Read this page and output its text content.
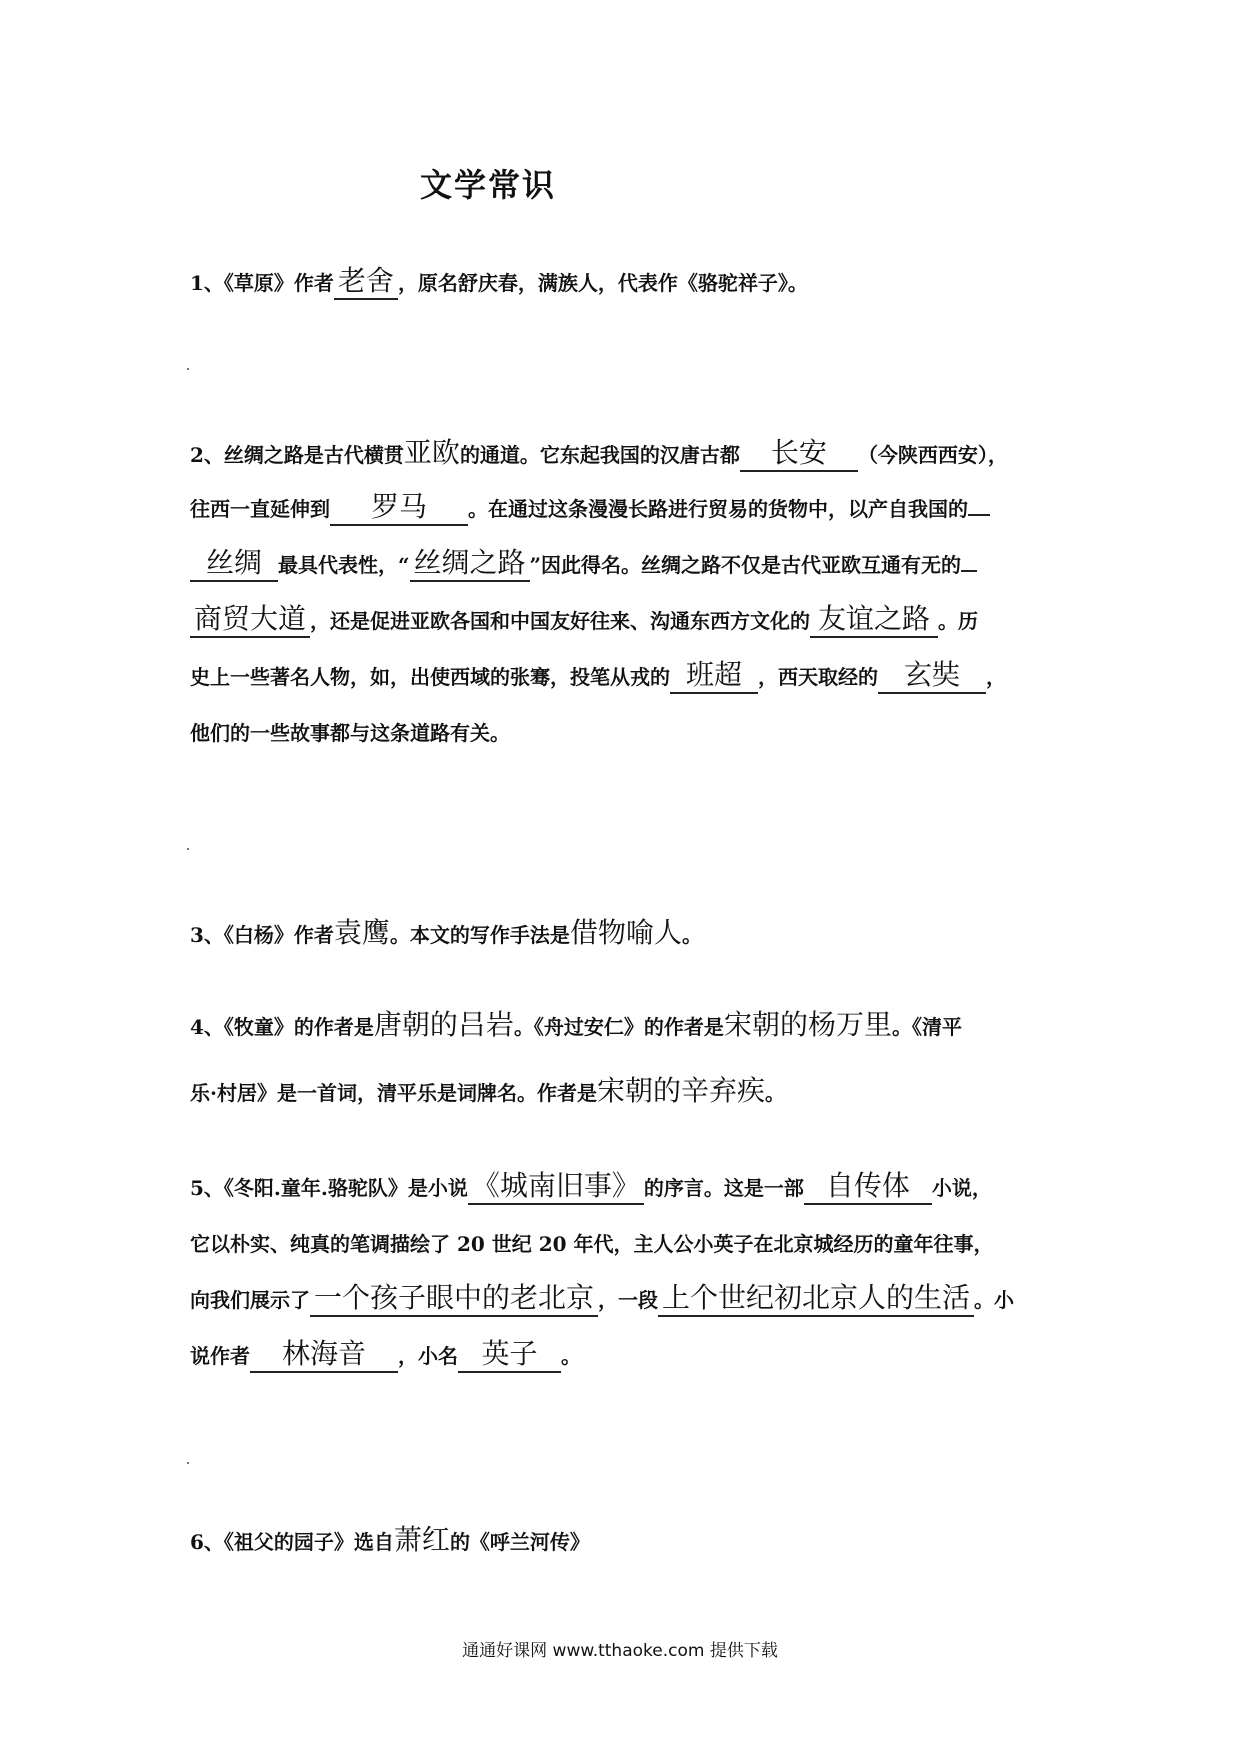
文学常识
1、《草原》作者 老舍 ，原名舒庆春，满族人，代表作《骆驼祥子》。
2、丝绸之路是古代横贯亚欧的通道。它东起我国的汉唐古都 长安 （今陕西西安），
往西一直延伸到 罗马 。在通过这条漫漫长路进行贸易的货物中，以产自我国的
丝绸 最具代表性，“ 丝绸之路 ”因此得名。丝绸之路不仅是古代亚欧互通有无的
商贸大道 ，还是促进亚欧各国和中国友好往来、沟通东西方文化的 友谊之路 。历
史上一些著名人物，如，出使西域的张骞，投笔从戎的 班超 ，西天取经的 玄奘 ，
他们的一些故事都与这条道路有关。
3、《白杨》作者袁鹰。本文的写作手法是借物喻人。
4、《牧童》的作者是唐朝的吕岩。《舟过安仁》的作者是宋朝的杨万里。《清平
乐·村居》是一首词，清平乐是词牌名。作者是宋朝的辛弃疾。
5、《冬阳.童年.骆驼队》是小说 《城南旧事》 的序言。这是一部 自传体 小说，
它以朴实、纯真的笔调描绘了 20 世纪 20 年代，主人公小英子在北京城经历的童年往事，
向我们展示了 一个孩子眼中的老北京 ，一段 上个世纪初北京人的生活 。小
说作者 林海音 ，小名 英子 。
6、《祖父的园子》选自萧红的《呼兰河传》
通通好课网 www.tthaoke.com 提供下载
